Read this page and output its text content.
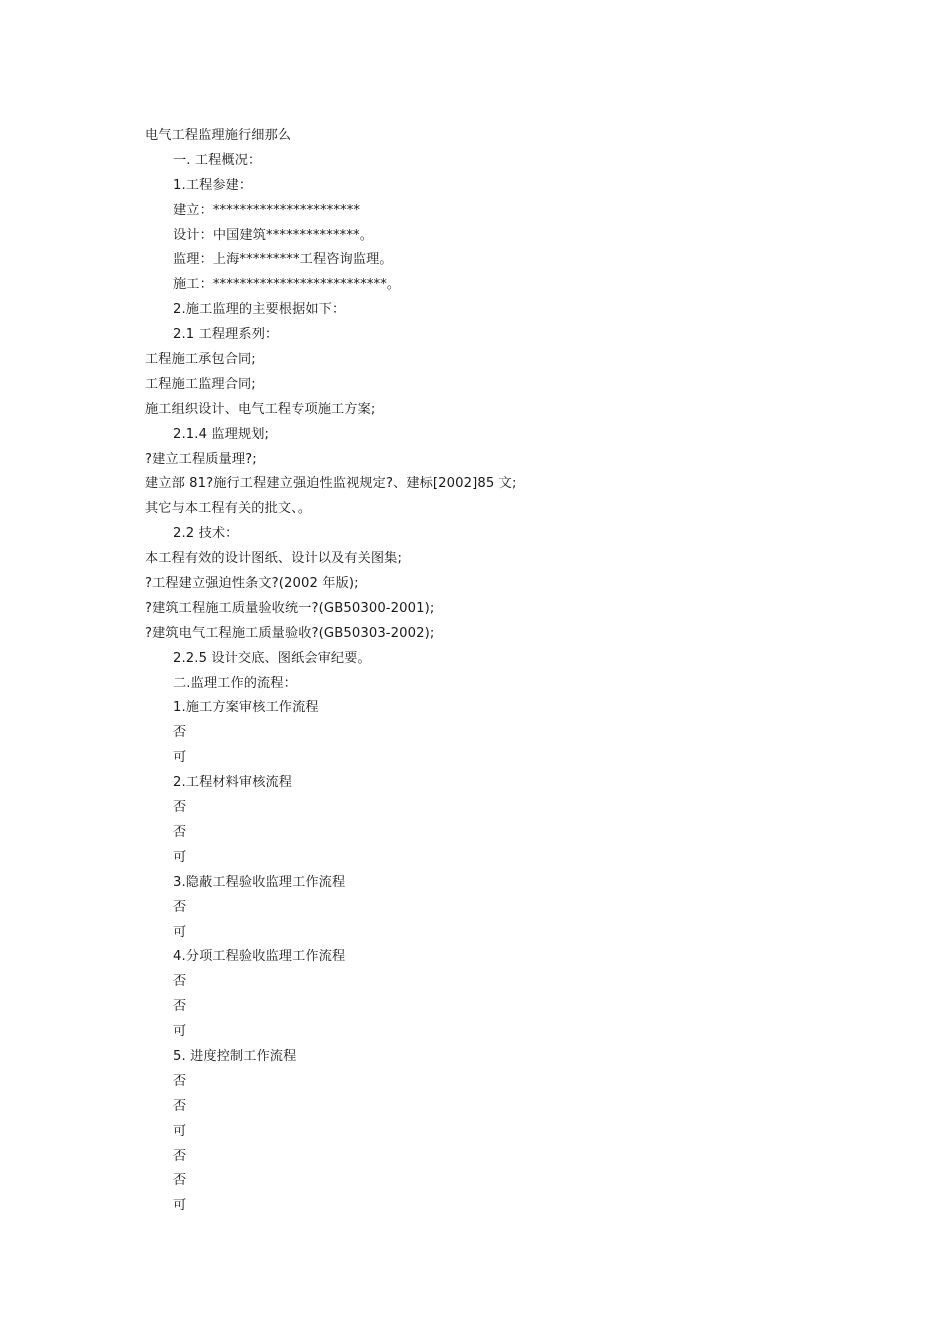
电气工程监理施行细那么
一. 工程概况：
1.工程参建：
建立：**********************
设计：中国建筑**************。
监理：上海*********工程咨询监理。
施工：**************************。
2.施工监理的主要根据如下：
2.1 工程理系列：
工程施工承包合同;
工程施工监理合同;
施工组织设计、电气工程专项施工方案;
2.1.4 监理规划;
?建立工程质量理?;
建立部 81?施行工程建立强迫性监视规定?、建标[2002]85 文;
其它与本工程有关的批文、。
2.2 技术：
本工程有效的设计图纸、设计以及有关图集;
?工程建立强迫性条文?(2002 年版);
?建筑工程施工质量验收统一?(GB50300-2001);
?建筑电气工程施工质量验收?(GB50303-2002);
2.2.5 设计交底、图纸会审纪要。
二.监理工作的流程：
1.施工方案审核工作流程
否
可
2.工程材料审核流程
否
否
可
3.隐蔽工程验收监理工作流程
否
可
4.分项工程验收监理工作流程
否
否
可
5. 进度控制工作流程
否
否
可
否
否
可
